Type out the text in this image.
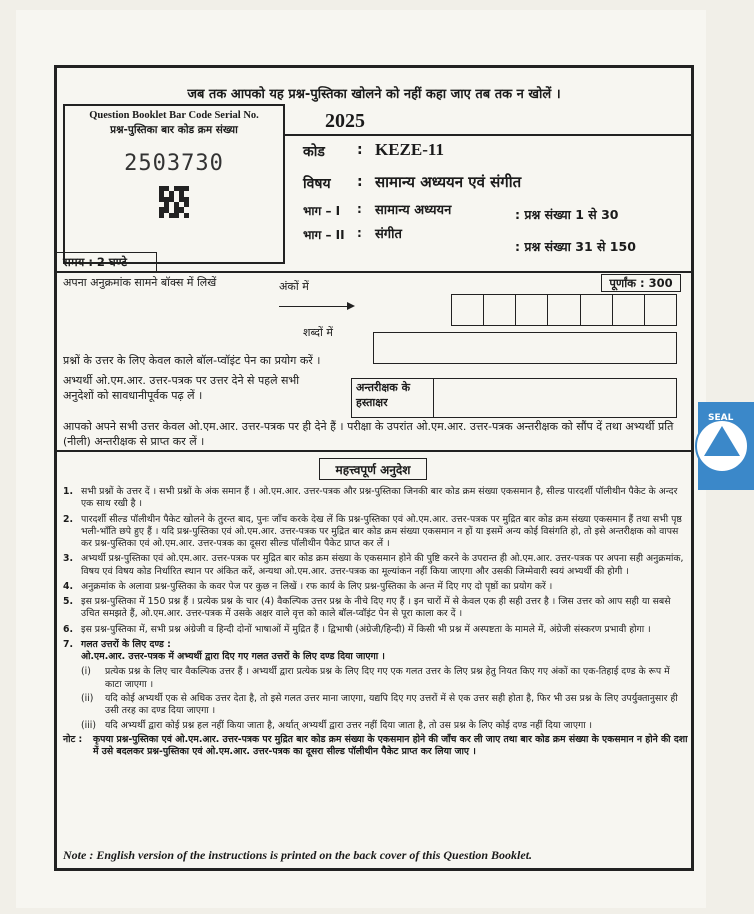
जब तक आपको यह प्रश्न-पुस्तिका खोलने को नहीं कहा जाए तब तक न खोलें ।
Question Booklet Bar Code Serial No.
प्रश्न-पुस्तिका बार कोड क्रम संख्या
2503730
2025
कोड : KEZE-11
विषय : सामान्य अध्ययन एवं संगीत
भाग – I : सामान्य अध्ययन	: प्रश्न संख्या 1 से 30
भाग – II : संगीत
: प्रश्न संख्या 31 से 150
समय : 2 घण्टे
पूर्णांक : 300
अपना अनुक्रमांक सामने बॉक्स में लिखें	अंकों में
शब्दों में
प्रश्नों के उत्तर के लिए केवल काले बॉल-प्वॉइंट पेन का प्रयोग करें ।
अभ्यर्थी ओ.एम.आर. उत्तर-पत्रक पर उत्तर देने से पहले सभी अनुदेशों को सावधानीपूर्वक पढ़ लें ।
अन्तरीक्षक के हस्ताक्षर
आपको अपने सभी उत्तर केवल ओ.एम.आर. उत्तर-पत्रक पर ही देने हैं । परीक्षा के उपरांत ओ.एम.आर. उत्तर-पत्रक अन्तरीक्षक को सौंप दें तथा अभ्यर्थी प्रति (नीली) अन्तरीक्षक से प्राप्त कर लें ।
महत्त्वपूर्ण अनुदेश
1. सभी प्रश्नों के उत्तर दें । सभी प्रश्नों के अंक समान हैं । ओ.एम.आर. उत्तर-पत्रक और प्रश्न-पुस्तिका जिनकी बार कोड क्रम संख्या एकसमान है, सील्ड पारदर्शी पॉलीथीन पैकेट के अन्दर एक साथ रखी है ।
2. पारदर्शी सील्ड पॉलीथीन पैकेट खोलने के तुरन्त बाद, पुनः जाँच करके देख लें कि प्रश्न-पुस्तिका एवं ओ.एम.आर. उत्तर-पत्रक पर मुद्रित बार कोड क्रम संख्या एकसमान हैं तथा सभी पृष्ठ भली-भाँति छपे हुए हैं । यदि प्रश्न-पुस्तिका एवं ओ.एम.आर. उत्तर-पत्रक पर मुद्रित बार कोड क्रम संख्या एकसमान न हों या इसमें अन्य कोई विसंगति हो, तो इसे अन्तरीक्षक को वापस कर प्रश्न-पुस्तिका एवं ओ.एम.आर. उत्तर-पत्रक का दूसरा सील्ड पॉलीथीन पैकेट प्राप्त कर लें ।
3. अभ्यर्थी प्रश्न-पुस्तिका एवं ओ.एम.आर. उत्तर-पत्रक पर मुद्रित बार कोड क्रम संख्या के एकसमान होने की पुष्टि करने के उपरान्त ही ओ.एम.आर. उत्तर-पत्रक पर अपना सही अनुक्रमांक, विषय एवं विषय कोड निर्धारित स्थान पर अंकित करें, अन्यथा ओ.एम.आर. उत्तर-पत्रक का मूल्यांकन नहीं किया जाएगा और उसकी जिम्मेवारी स्वयं अभ्यर्थी की होगी ।
4. अनुक्रमांक के अलावा प्रश्न-पुस्तिका के कवर पेज पर कुछ न लिखें । रफ कार्य के लिए प्रश्न-पुस्तिका के अन्त में दिए गए दो पृष्ठों का प्रयोग करें ।
5. इस प्रश्न-पुस्तिका में 150 प्रश्न हैं । प्रत्येक प्रश्न के चार (4) वैकल्पिक उत्तर प्रश्न के नीचे दिए गए हैं । इन चारों में से केवल एक ही सही उत्तर है । जिस उत्तर को आप सही या सबसे उचित समझते हैं, ओ.एम.आर. उत्तर-पत्रक में उसके अक्षर वाले वृत्त को काले बॉल-प्वॉइंट पेन से पूरा काला कर दें ।
6. इस प्रश्न-पुस्तिका में, सभी प्रश्न अंग्रेजी व हिन्दी दोनों भाषाओं में मुद्रित हैं । द्विभाषी (अंग्रेजी/हिन्दी) में किसी भी प्रश्न में अस्पष्टता के मामले में, अंग्रेजी संस्करण प्रभावी होगा ।
7. गलत उत्तरों के लिए दण्ड :
ओ.एम.आर. उत्तर-पत्रक में अभ्यर्थी द्वारा दिए गए गलत उत्तरों के लिए दण्ड दिया जाएगा ।
(i)	प्रत्येक प्रश्न के लिए चार वैकल्पिक उत्तर हैं । अभ्यर्थी द्वारा प्रत्येक प्रश्न के लिए दिए गए एक गलत उत्तर के लिए प्रश्न हेतु नियत किए गए अंकों का एक-तिहाई दण्ड के रूप में काटा जाएगा ।
(ii)	यदि कोई अभ्यर्थी एक से अधिक उत्तर देता है, तो इसे गलत उत्तर माना जाएगा, यद्यपि दिए गए उत्तरों में से एक उत्तर सही होता है, फिर भी उस प्रश्न के लिए उपर्युक्तानुसार ही उसी तरह का दण्ड दिया जाएगा ।
(iii) यदि अभ्यर्थी द्वारा कोई प्रश्न हल नहीं किया जाता है, अर्थात् अभ्यर्थी द्वारा उत्तर नहीं दिया जाता है, तो उस प्रश्न के लिए कोई दण्ड नहीं दिया जाएगा ।
नोट :	कृपया प्रश्न-पुस्तिका एवं ओ.एम.आर. उत्तर-पत्रक पर मुद्रित बार कोड क्रम संख्या के एकसमान होने की जाँच कर ली जाए तथा बार कोड क्रम संख्या के एकसमान न होने की दशा में उसे बदलकर प्रश्न-पुस्तिका एवं ओ.एम.आर. उत्तर-पत्रक का दूसरा सील्ड पॉलीथीन पैकेट प्राप्त कर लिया जाए ।
Note : English version of the instructions is printed on the back cover of this Question Booklet.
SEAL
